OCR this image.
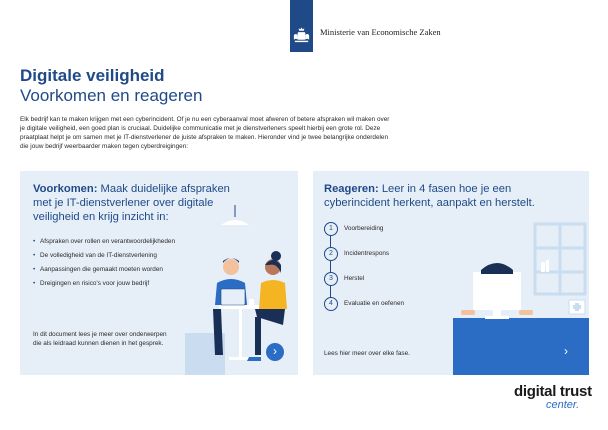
Ministerie van Economische Zaken
Digitale veiligheid
Voorkomen en reageren
Elk bedrijf kan te maken krijgen met een cyberincident. Of je nu een cyberaanval moet afweren of betere afspraken wil maken over je digitale veiligheid, een goed plan is cruciaal. Duidelijke communicatie met je dienstverleners speelt hierbij een grote rol. Deze praatplaat helpt je om samen met je IT-dienstverlener de juiste afspraken te maken. Hieronder vind je twee belangrijke onderdelen die jouw bedrijf weerbaarder maken tegen cyberdreigingen:
Voorkomen: Maak duidelijke afspraken met je IT-dienstverlener over digitale veiligheid en krijg inzicht in:
• Afspraken over rollen en verantwoordelijkheden
• De volledigheid van de IT-dienstverlening
• Aanpassingen die gemaakt moeten worden
• Dreigingen en risico's voor jouw bedrijf
In dit document lees je meer over onderwerpen die als leidraad kunnen dienen in het gesprek.
›
Reageren: Leer in 4 fasen hoe je een cyberincident herkent, aanpakt en herstelt.
1	Voorbereiding
2	Incidentrespons
3	Herstel
4	Evaluatie en oefenen
Lees hier meer over elke fase.	›
digital trust
center.
